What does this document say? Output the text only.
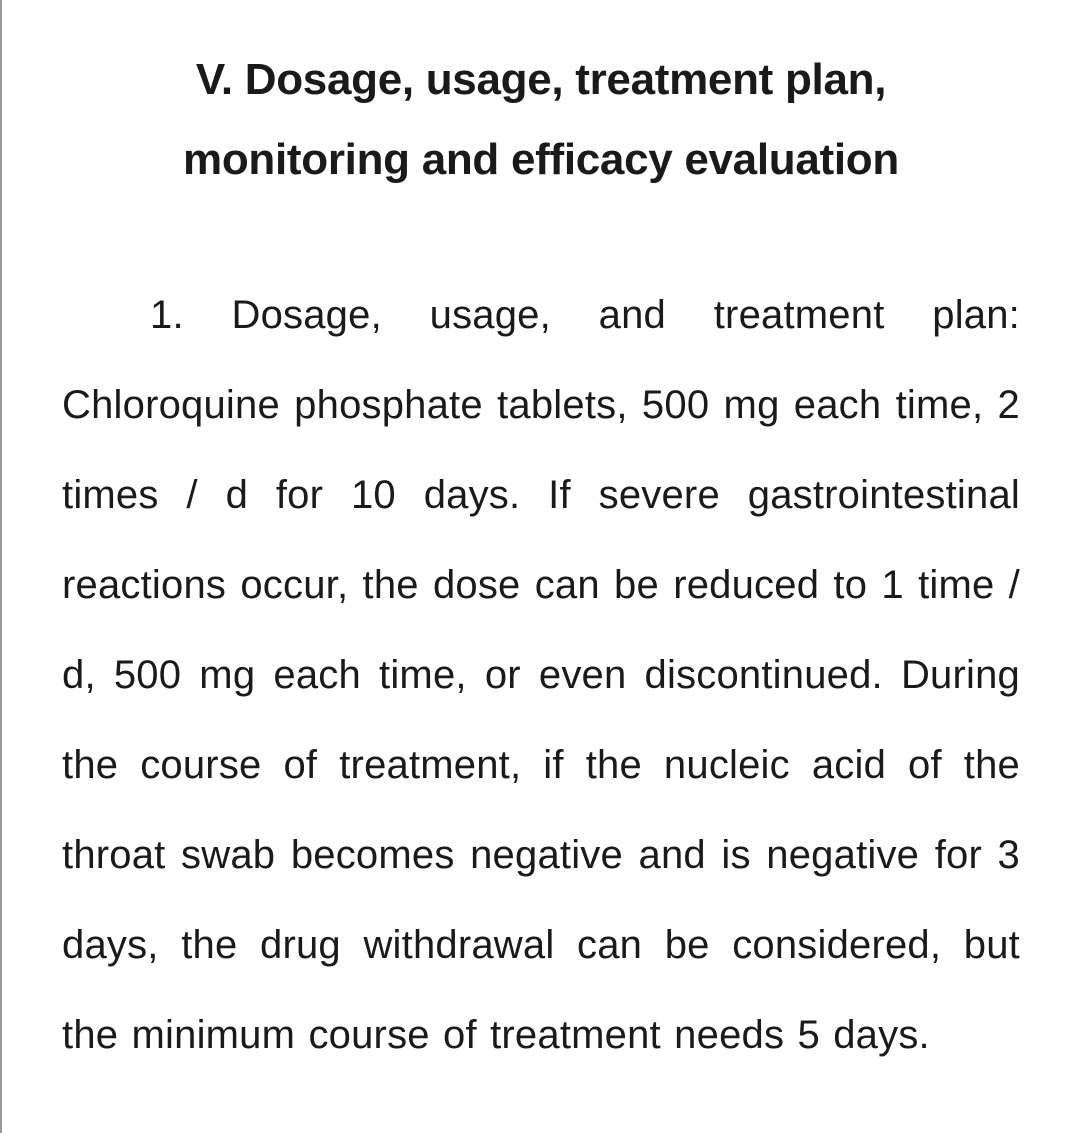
V. Dosage, usage, treatment plan,
monitoring and efficacy evaluation

1. Dosage, usage, and treatment plan: Chloroquine phosphate tablets, 500 mg each time, 2 times / d for 10 days. If severe gastrointestinal reactions occur, the dose can be reduced to 1 time / d, 500 mg each time, or even discontinued. During the course of treatment, if the nucleic acid of the throat swab becomes negative and is negative for 3 days, the drug withdrawal can be considered, but the minimum course of treatment needs 5 days.
